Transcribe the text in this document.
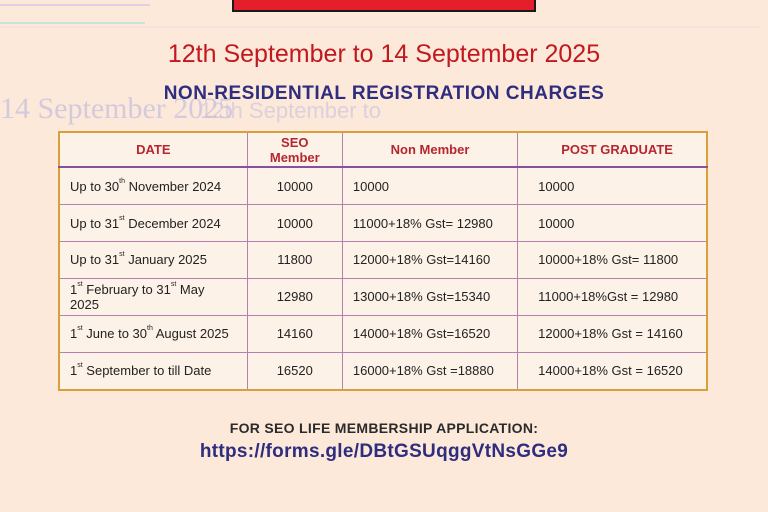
14 September 2025
12th September to
12th September to 14 September 2025
NON-RESIDENTIAL REGISTRATION CHARGES
DATE	SEO Member	Non Member	POST GRADUATE
Up to 30th November 2024	10000	10000	10000
Up to 31st December 2024	10000	11000+18% Gst= 12980	10000
Up to 31st January 2025	11800	12000+18% Gst=14160	10000+18% Gst= 11800
1st February to 31st May 2025	12980	13000+18% Gst=15340	11000+18%Gst = 12980
1st June to 30th August 2025	14160	14000+18% Gst=16520	12000+18% Gst = 14160
1st September to till Date	16520	16000+18% Gst =18880	14000+18% Gst = 16520
FOR SEO LIFE MEMBERSHIP APPLICATION:
https://forms.gle/DBtGSUqggVtNsGGe9
